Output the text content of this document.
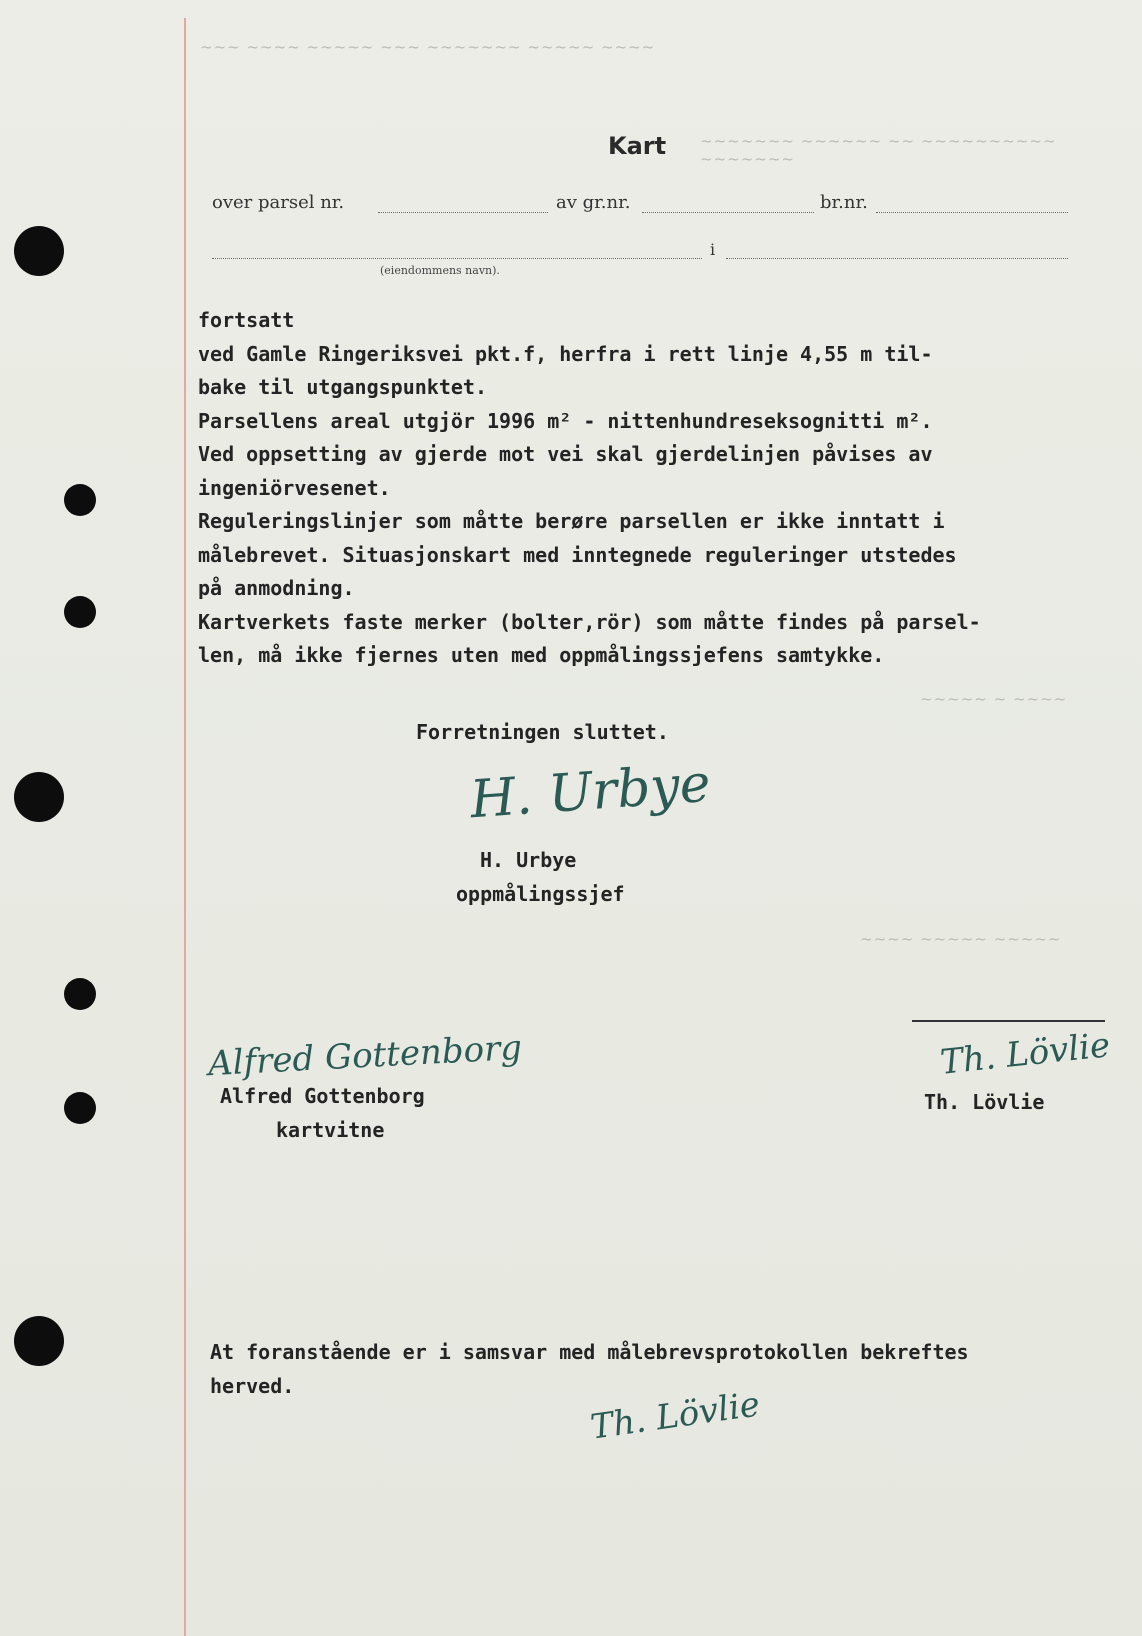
~~~ ~~~~ ~~~~~ ~~~ ~~~~~~~ ~~~~~ ~~~~
~~~~~~~ ~~~~~~ ~~ ~~~~~~~~~~ ~~~~~~~
~~~~~ ~ ~~~~
~~~~ ~~~~~ ~~~~~
Kart
over parsel nr.	av gr.nr.	br.nr.
i
(eiendommens navn).
fortsatt
ved Gamle Ringeriksvei pkt.f, herfra i rett linje 4,55 m til-
bake til utgangspunktet.
Parsellens areal utgjör 1996 m² - nittenhundreseksognitti m².
Ved oppsetting av gjerde mot vei skal gjerdelinjen påvises av
ingeniörvesenet.
Reguleringslinjer som måtte berøre parsellen er ikke inntatt i
målebrevet. Situasjonskart med inntegnede reguleringer utstedes
på anmodning.
Kartverkets faste merker (bolter,rör) som måtte findes på parsel-
len, må ikke fjernes uten med oppmålingssjefens samtykke.
Forretningen sluttet.
H. Urbye
H. Urbye
oppmålingssjef
Alfred Gottenborg
Alfred Gottenborg
kartvitne
Th. Lövlie
Th. Lövlie
At foranstående er i samsvar med målebrevsprotokollen bekreftes
herved.	Th. Lövlie
